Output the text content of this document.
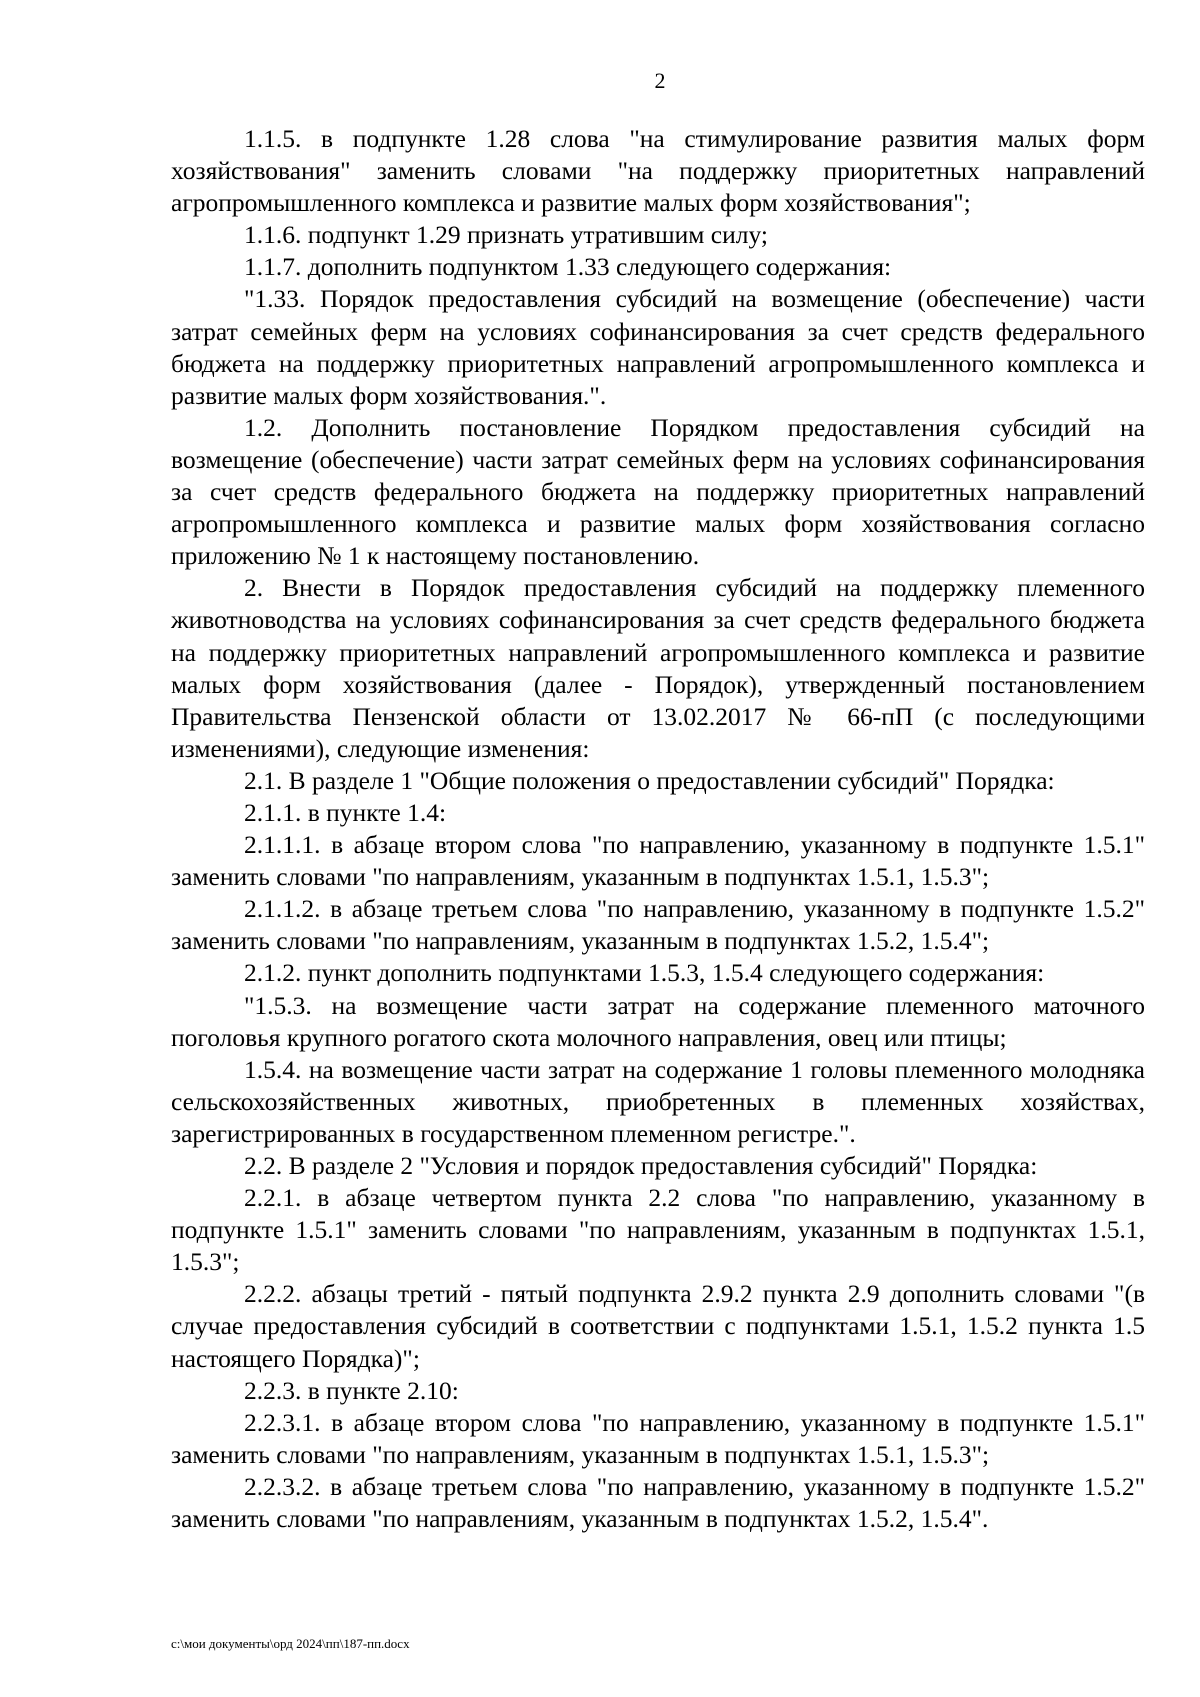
2

1.1.5. в подпункте 1.28 слова "на стимулирование развития малых форм хозяйствования" заменить словами "на поддержку приоритетных направлений агропромышленного комплекса и развитие малых форм хозяйствования";

1.1.6. подпункт 1.29 признать утратившим силу;

1.1.7. дополнить подпунктом 1.33 следующего содержания:

"1.33. Порядок предоставления субсидий на возмещение (обеспечение) части затрат семейных ферм на условиях софинансирования за счет средств федерального бюджета на поддержку приоритетных направлений агропромышленного комплекса и развитие малых форм хозяйствования.".

1.2. Дополнить постановление Порядком предоставления субсидий на возмещение (обеспечение) части затрат семейных ферм на условиях софинансирования за счет средств федерального бюджета на поддержку приоритетных направлений агропромышленного комплекса и развитие малых форм хозяйствования согласно приложению № 1 к настоящему постановлению.

2. Внести в Порядок предоставления субсидий на поддержку племенного животноводства на условиях софинансирования за счет средств федерального бюджета на поддержку приоритетных направлений агропромышленного комплекса и развитие малых форм хозяйствования (далее - Порядок), утвержденный постановлением Правительства Пензенской области от 13.02.2017 № 66-пП (с последующими изменениями), следующие изменения:

2.1. В разделе 1 "Общие положения о предоставлении субсидий" Порядка:

2.1.1. в пункте 1.4:

2.1.1.1. в абзаце втором слова "по направлению, указанному в подпункте 1.5.1" заменить словами "по направлениям, указанным в подпунктах 1.5.1, 1.5.3";

2.1.1.2. в абзаце третьем слова "по направлению, указанному в подпункте 1.5.2" заменить словами "по направлениям, указанным в подпунктах 1.5.2, 1.5.4";

2.1.2. пункт дополнить подпунктами 1.5.3, 1.5.4 следующего содержания:

"1.5.3. на возмещение части затрат на содержание племенного маточного поголовья крупного рогатого скота молочного направления, овец или птицы;

1.5.4. на возмещение части затрат на содержание 1 головы племенного молодняка сельскохозяйственных животных, приобретенных в племенных хозяйствах, зарегистрированных в государственном племенном регистре.".

2.2. В разделе 2 "Условия и порядок предоставления субсидий" Порядка:

2.2.1. в абзаце четвертом пункта 2.2 слова "по направлению, указанному в подпункте 1.5.1" заменить словами "по направлениям, указанным в подпунктах 1.5.1, 1.5.3";

2.2.2. абзацы третий - пятый подпункта 2.9.2 пункта 2.9 дополнить словами "(в случае предоставления субсидий в соответствии с подпунктами 1.5.1, 1.5.2 пункта 1.5 настоящего Порядка)";

2.2.3. в пункте 2.10:

2.2.3.1. в абзаце втором слова "по направлению, указанному в подпункте 1.5.1" заменить словами "по направлениям, указанным в подпунктах 1.5.1, 1.5.3";

2.2.3.2. в абзаце третьем слова "по направлению, указанному в подпункте 1.5.2" заменить словами "по направлениям, указанным в подпунктах 1.5.2, 1.5.4".

c:\мои документы\орд 2024\пп\187-пп.docx
